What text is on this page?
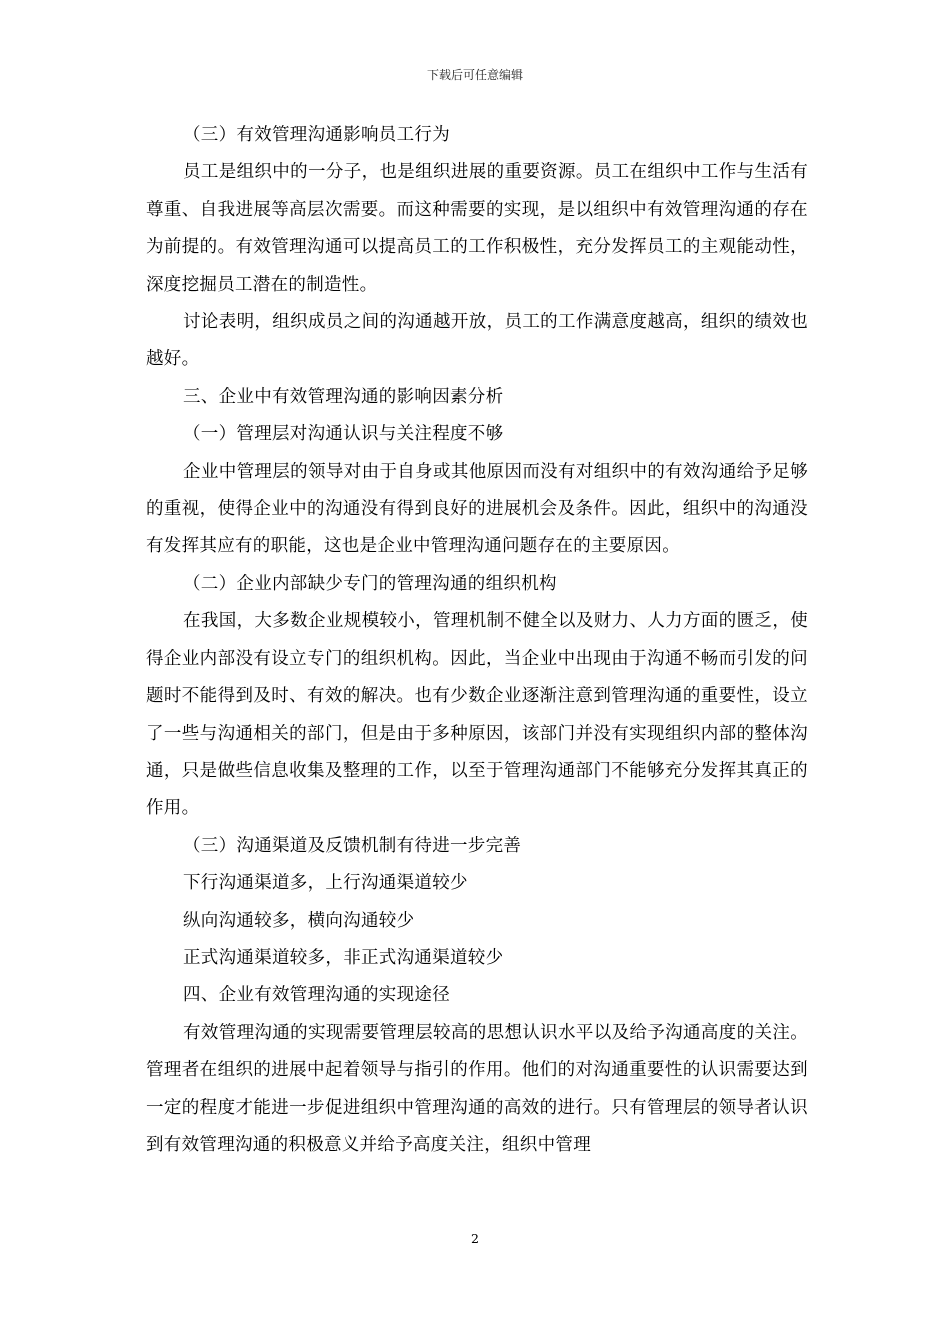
下载后可任意编辑

（三）有效管理沟通影响员工行为

员工是组织中的一分子，也是组织进展的重要资源。员工在组织中工作与生活有尊重、自我进展等高层次需要。而这种需要的实现，是以组织中有效管理沟通的存在为前提的。有效管理沟通可以提高员工的工作积极性，充分发挥员工的主观能动性，深度挖掘员工潜在的制造性。

讨论表明，组织成员之间的沟通越开放，员工的工作满意度越高，组织的绩效也越好。

三、企业中有效管理沟通的影响因素分析

（一）管理层对沟通认识与关注程度不够

企业中管理层的领导对由于自身或其他原因而没有对组织中的有效沟通给予足够的重视，使得企业中的沟通没有得到良好的进展机会及条件。因此，组织中的沟通没有发挥其应有的职能，这也是企业中管理沟通问题存在的主要原因。

（二）企业内部缺少专门的管理沟通的组织机构

在我国，大多数企业规模较小，管理机制不健全以及财力、人力方面的匮乏，使得企业内部没有设立专门的组织机构。因此，当企业中出现由于沟通不畅而引发的问题时不能得到及时、有效的解决。也有少数企业逐渐注意到管理沟通的重要性，设立了一些与沟通相关的部门，但是由于多种原因，该部门并没有实现组织内部的整体沟通，只是做些信息收集及整理的工作，以至于管理沟通部门不能够充分发挥其真正的作用。

（三）沟通渠道及反馈机制有待进一步完善

下行沟通渠道多，上行沟通渠道较少

纵向沟通较多，横向沟通较少

正式沟通渠道较多，非正式沟通渠道较少

四、企业有效管理沟通的实现途径

有效管理沟通的实现需要管理层较高的思想认识水平以及给予沟通高度的关注。管理者在组织的进展中起着领导与指引的作用。他们的对沟通重要性的认识需要达到一定的程度才能进一步促进组织中管理沟通的高效的进行。只有管理层的领导者认识到有效管理沟通的积极意义并给予高度关注，组织中管理

2
